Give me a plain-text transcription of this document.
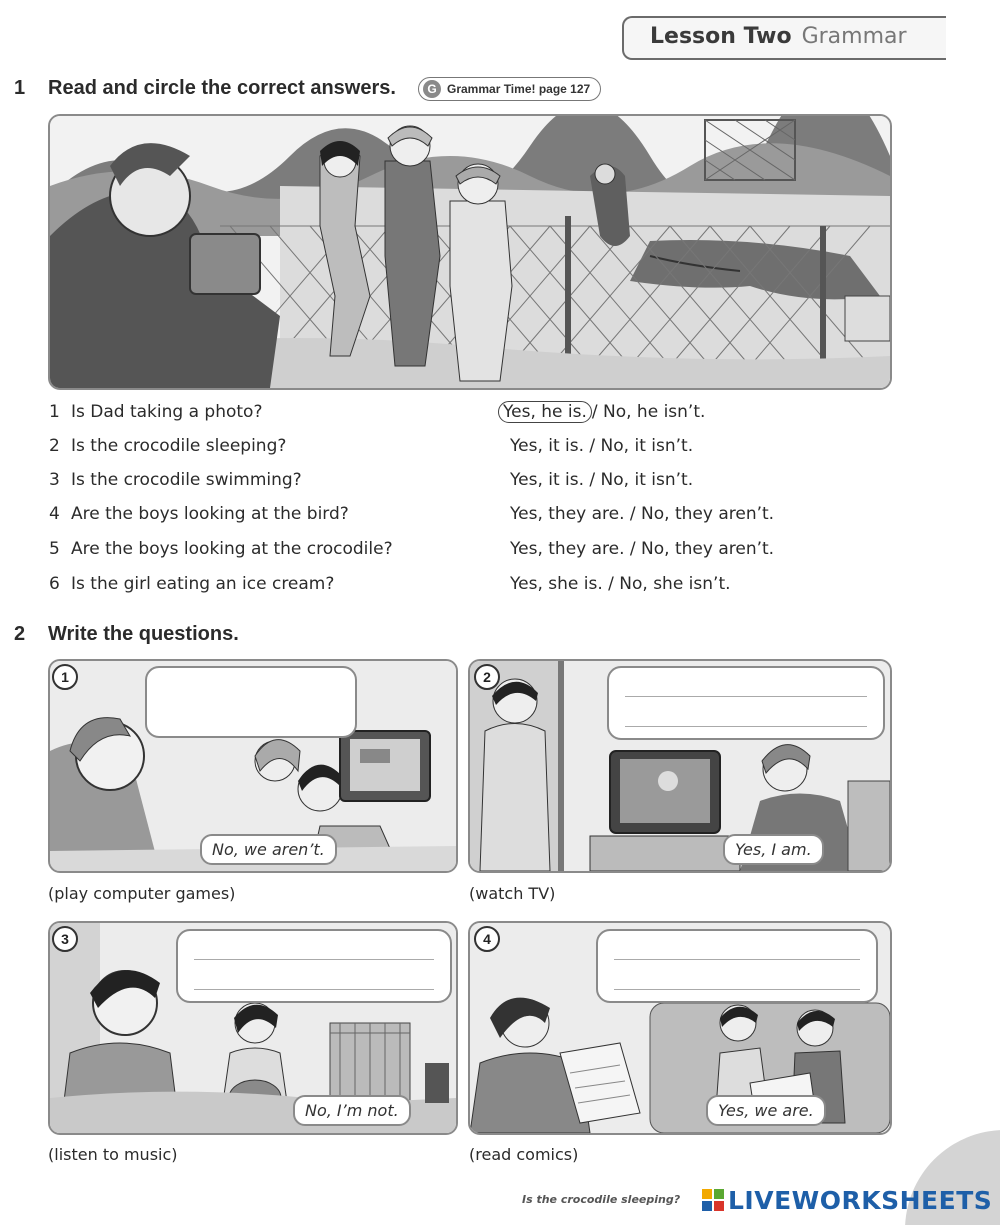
Lesson Two Grammar
1 Read and circle the correct answers.	G Grammar Time! page 127
1 Is Dad taking a photo?	Yes, he is. / No, he isn’t.
2 Is the crocodile sleeping?	Yes, it is. / No, it isn’t.
3 Is the crocodile swimming?	Yes, it is. / No, it isn’t.
4 Are the boys looking at the bird?	Yes, they are. / No, they aren’t.
5 Are the boys looking at the crocodile?	Yes, they are. / No, they aren’t.
6 Is the girl eating an ice cream?	Yes, she is. / No, she isn’t.
2 Write the questions.
1
No, we aren’t.
(play computer games)
2
Yes, I am.
(watch TV)
3
No, I’m not.
(listen to music)
4
Yes, we are.
(read comics)
Is the crocodile sleeping? LIVEWORKSHEETS
